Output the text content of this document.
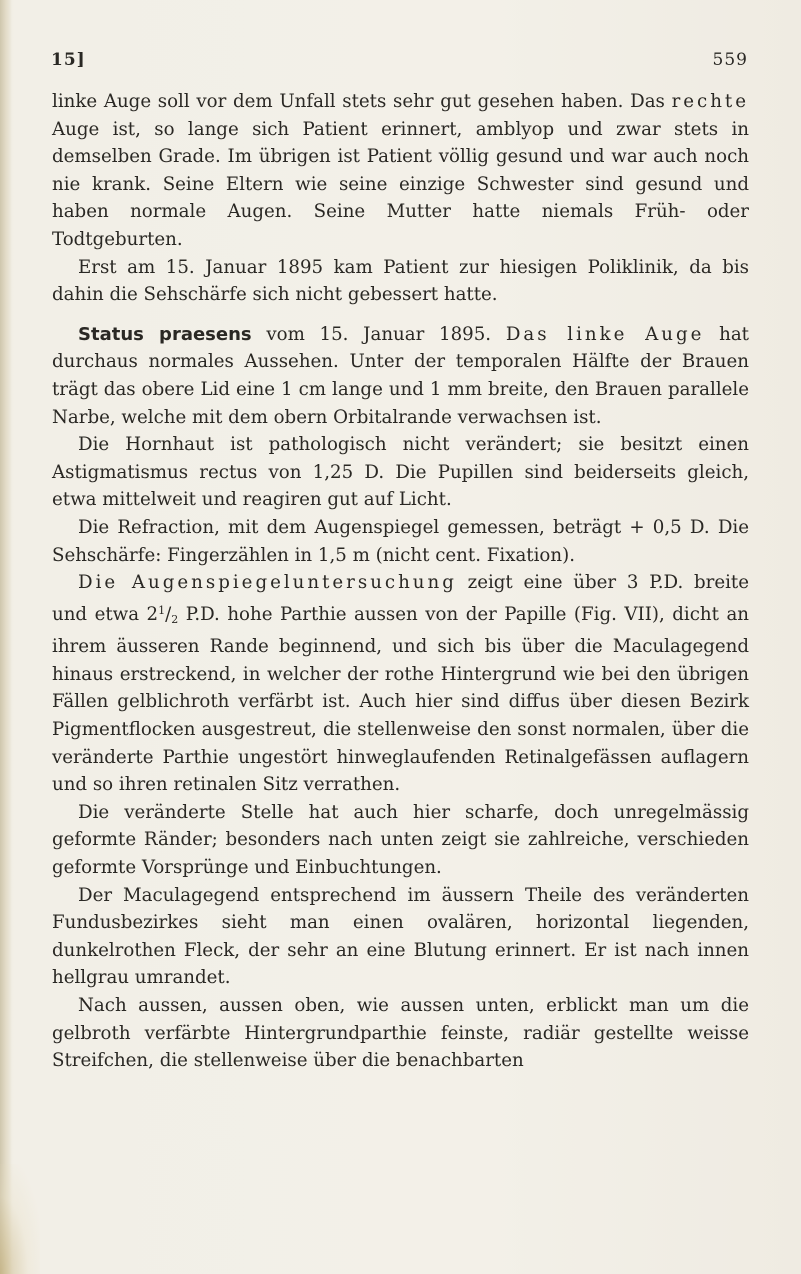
15]	559

linke Auge soll vor dem Unfall stets sehr gut gesehen haben. Das rechte Auge ist, so lange sich Patient erinnert, amblyop und zwar stets in demselben Grade. Im übrigen ist Patient völlig gesund und war auch noch nie krank. Seine Eltern wie seine einzige Schwester sind gesund und haben normale Augen. Seine Mutter hatte niemals Früh- oder Todtgeburten.

Erst am 15. Januar 1895 kam Patient zur hiesigen Poliklinik, da bis dahin die Sehschärfe sich nicht gebessert hatte.

Status praesens vom 15. Januar 1895. Das linke Auge hat durchaus normales Aussehen. Unter der temporalen Hälfte der Brauen trägt das obere Lid eine 1 cm lange und 1 mm breite, den Brauen parallele Narbe, welche mit dem obern Orbitalrande verwachsen ist.

Die Hornhaut ist pathologisch nicht verändert; sie besitzt einen Astigmatismus rectus von 1,25 D. Die Pupillen sind beiderseits gleich, etwa mittelweit und reagiren gut auf Licht.

Die Refraction, mit dem Augenspiegel gemessen, beträgt + 0,5 D. Die Sehschärfe: Fingerzählen in 1,5 m (nicht cent. Fixation).

Die Augenspiegeluntersuchung zeigt eine über 3 P.D. breite und etwa $2^1/_2$ P.D. hohe Parthie aussen von der Papille (Fig. VII), dicht an ihrem äusseren Rande beginnend, und sich bis über die Maculagegend hinaus erstreckend, in welcher der rothe Hintergrund wie bei den übrigen Fällen gelblichroth verfärbt ist. Auch hier sind diffus über diesen Bezirk Pigmentflocken ausgestreut, die stellenweise den sonst normalen, über die veränderte Parthie ungestört hinweglaufenden Retinalgefässen auflagern und so ihren retinalen Sitz verrathen.

Die veränderte Stelle hat auch hier scharfe, doch unregelmässig geformte Ränder; besonders nach unten zeigt sie zahlreiche, verschieden geformte Vorsprünge und Einbuchtungen.

Der Maculagegend entsprechend im äussern Theile des veränderten Fundusbezirkes sieht man einen ovalären, horizontal liegenden, dunkelrothen Fleck, der sehr an eine Blutung erinnert. Er ist nach innen hellgrau umrandet.

Nach aussen, aussen oben, wie aussen unten, erblickt man um die gelbroth verfärbte Hintergrundparthie feinste, radiär gestellte weisse Streifchen, die stellenweise über die benachbarten
